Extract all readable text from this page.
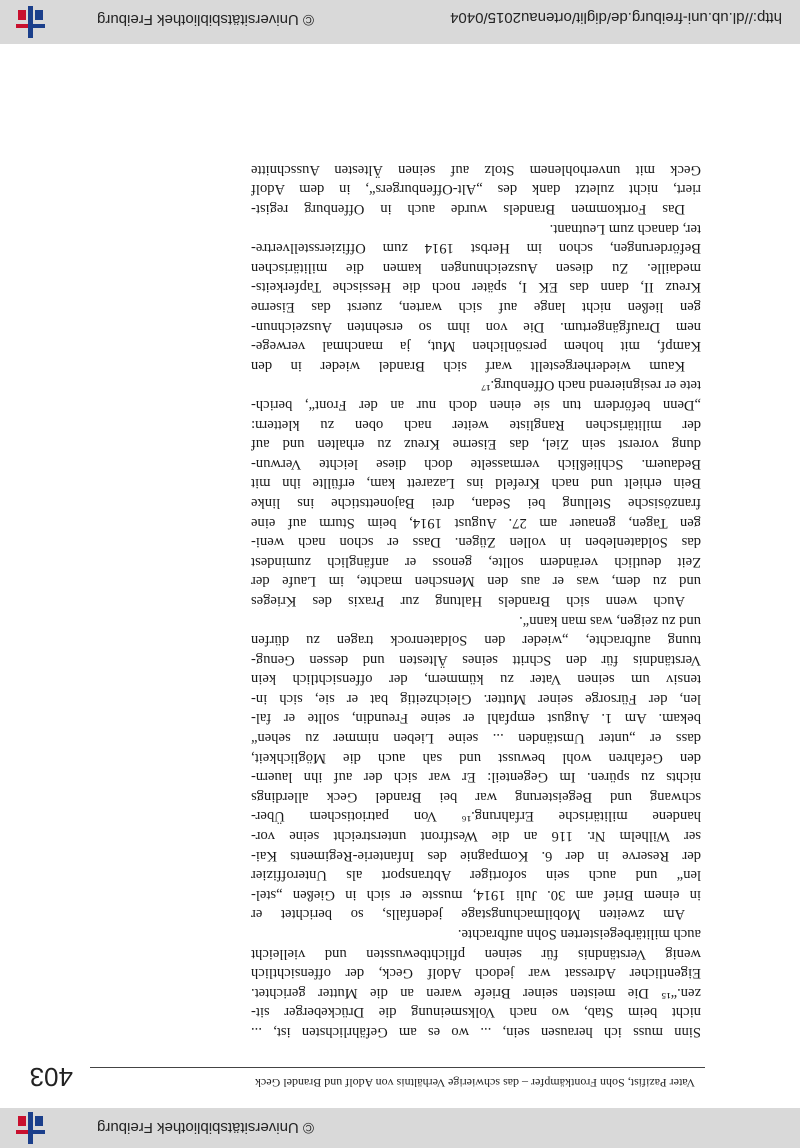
© Universitätsbibliothek Freiburg
Vater Pazifist, Sohn Frontkämpfer – das schwierige Verhältnis von Adolf und Brandel Geck
403
Sinn muss ich herausen sein, ... wo es am Gefährlichsten ist, ...
nicht beim Stab, wo nach Volksmeinung die Drückeberger sit-
zen.“¹⁵ Die meisten seiner Briefe waren an die Mutter gerichtet.
Eigentlicher Adressat war jedoch Adolf Geck, der offensichtlich
wenig Verständnis für seinen pflichtbewussten und vielleicht
auch militärbegeisterten Sohn aufbrachte.
Am zweiten Mobilmachungstage jedenfalls, so berichtet er
in einem Brief am 30. Juli 1914, musste er sich in Gießen „stel-
len“ und auch sein sofortiger Abtransport als Unteroffizier
der Reserve in der 6. Kompagnie des Infanterie-Regiments Kai-
ser Wilhelm Nr. 116 an die Westfront unterstreicht seine vor-
handene militärische Erfahrung.¹⁶ Von patriotischem Über-
schwang und Begeisterung war bei Brandel Geck allerdings
nichts zu spüren. Im Gegenteil: Er war sich der auf ihn lauern-
den Gefahren wohl bewusst und sah auch die Möglichkeit,
dass er „unter Umständen ... seine Lieben nimmer zu sehen“
bekam. Am 1. August empfahl er seine Freundin, sollte er fal-
len, der Fürsorge seiner Mutter. Gleichzeitig bat er sie, sich in-
tensiv um seinen Vater zu kümmern, der offensichtlich kein
Verständnis für den Schritt seines Ältesten und dessen Genug-
tuung aufbrachte, „wieder den Soldatenrock tragen zu dürfen
und zu zeigen, was man kann“.
Auch wenn sich Brandels Haltung zur Praxis des Krieges
und zu dem, was er aus den Menschen machte, im Laufe der
Zeit deutlich verändern sollte, genoss er anfänglich zumindest
das Soldatenleben in vollen Zügen. Dass er schon nach weni-
gen Tagen, genauer am 27. August 1914, beim Sturm auf eine
französische Stellung bei Sedan, drei Bajonettstiche ins linke
Bein erhielt und nach Krefeld ins Lazarett kam, erfüllte ihn mit
Bedauern. Schließlich vermasselte doch diese leichte Verwun-
dung vorerst sein Ziel, das Eiserne Kreuz zu erhalten und auf
der militärischen Rangliste weiter nach oben zu klettern:
„Denn befördern tun sie einen doch nur an der Front“, berich-
tete er resignierend nach Offenburg.¹⁷
Kaum wiederhergestellt warf sich Brandel wieder in den
Kampf, mit hohem persönlichen Mut, ja manchmal verwege-
nem Draufgängertum. Die von ihm so ersehnten Auszeichnun-
gen ließen nicht lange auf sich warten, zuerst das Eiserne
Kreuz II, dann das EK I, später noch die Hessische Tapferkeits-
medaille. Zu diesen Auszeichnungen kamen die militärischen
Beförderungen, schon im Herbst 1914 zum Offiziersstellvertre-
ter, danach zum Leutnant.
Das Fortkommen Brandels wurde auch in Offenburg regist-
riert, nicht zuletzt dank des „Alt-Offenburgers“, in dem Adolf
Geck mit unverhohlenem Stolz auf seinen Ältesten Ausschnitte
http://dl.ub.uni-freiburg.de/diglit/ortenau2015/0404
© Universitätsbibliothek Freiburg
